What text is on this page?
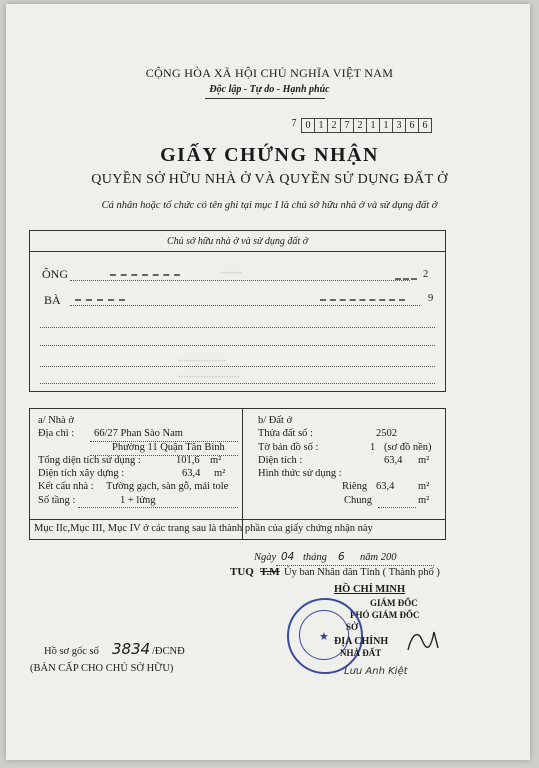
CỘNG HÒA XÃ HỘI CHỦ NGHĨA VIỆT NAM
Độc lập - Tự do - Hạnh phúc
7 0 1 2 7 2 1 1 3 6 6
GIẤY CHỨNG NHẬN
QUYỀN SỞ HỮU NHÀ Ở VÀ QUYỀN SỬ DỤNG ĐẤT Ở
Cá nhân hoặc tổ chức có tên ghi tại mục I là chủ sở hữu nhà ở và sử dụng đất ở
Chủ sở hữu nhà ở và sử dụng đất ở
ÔNG	········	2
BÀ	9
·················
······················
a/ Nhà ở
Địa chỉ : 66/27 Phan Sào Nam
Phường 11 Quận Tân Bình
Tổng diện tích sử dụng :	101,6 m²
Diện tích xây dựng :	63,4 m²
Kết cấu nhà : Tường gạch, sàn gỗ, mái tole
Số tầng :	1 + lửng
b/ Đất ở
Thửa đất số :	2502
Tờ bản đồ số :	1 (sơ đồ nền)
Diện tích :	63,4 m²
Hình thức sử dụng :
Riêng 63,4 m²
Chung	m²
Mục IIc,Mục III, Mục IV ở các trang sau là thành phần của giấy chứng nhận này
Ngày 04 tháng 6 năm 200
TUQ T.M Ủy ban Nhân dân Tỉnh ( Thành phố )
HỒ CHÍ MINH
GIÁM ĐỐC
PHÓ GIÁM ĐỐC
★
SỞ
ĐỊA CHÍNH
NHÀ ĐẤT
Lưu Anh Kiệt
Hồ sơ gốc số 3834 /ĐCNĐ
(BẢN CẤP CHO CHỦ SỞ HỮU)
